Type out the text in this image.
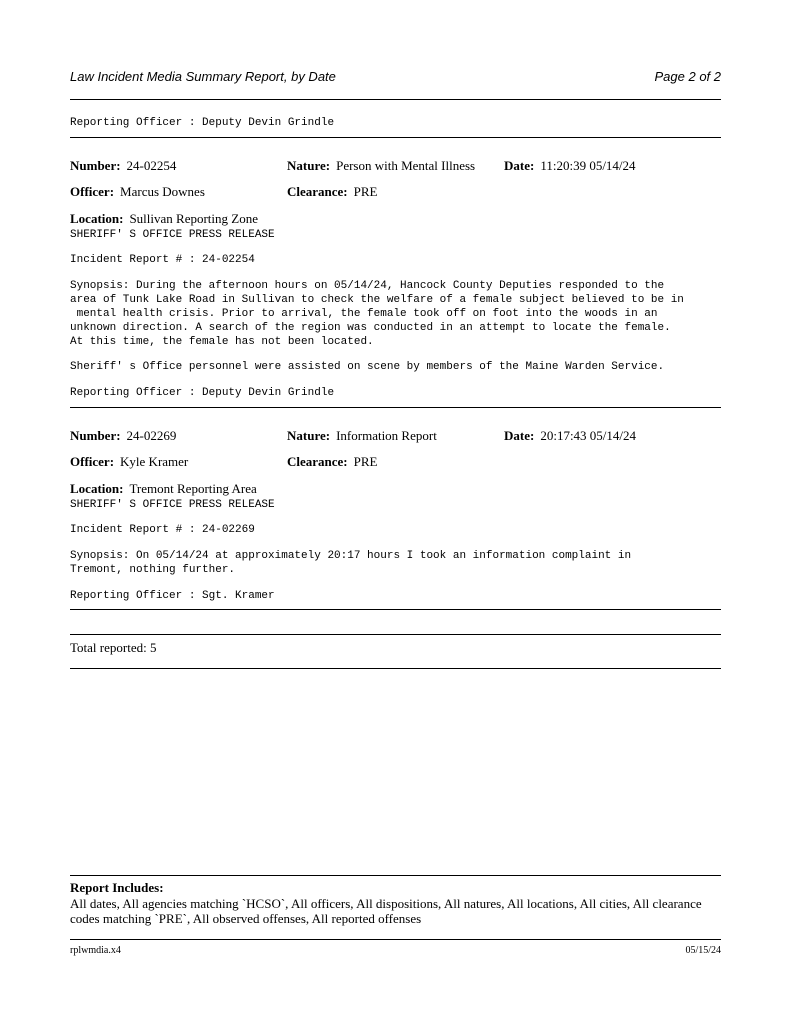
Law Incident Media Summary Report, by Date	Page 2 of 2
Reporting Officer : Deputy Devin Grindle
Number: 24-02254	Nature: Person with Mental Illness Date: 11:20:39 05/14/24
Officer: Marcus Downes	Clearance: PRE
Location: Sullivan Reporting Zone
SHERIFF' S OFFICE PRESS RELEASE
Incident Report # : 24-02254
Synopsis: During the afternoon hours on 05/14/24, Hancock County Deputies responded to the
area of Tunk Lake Road in Sullivan to check the welfare of a female subject believed to be in
mental health crisis. Prior to arrival, the female took off on foot into the woods in an
unknown direction. A search of the region was conducted in an attempt to locate the female.
At this time, the female has not been located.
Sheriff' s Office personnel were assisted on scene by members of the Maine Warden Service.
Reporting Officer : Deputy Devin Grindle
Number: 24-02269	Nature: Information Report	Date: 20:17:43 05/14/24
Officer: Kyle Kramer	Clearance: PRE
Location: Tremont Reporting Area
SHERIFF' S OFFICE PRESS RELEASE
Incident Report # : 24-02269
Synopsis: On 05/14/24 at approximately 20:17 hours I took an information complaint in
Tremont, nothing further.
Reporting Officer : Sgt. Kramer
Total reported: 5
Report Includes:
All dates, All agencies matching `HCSO`, All officers, All dispositions, All natures, All locations, All cities, All clearance codes matching `PRE`, All observed offenses, All reported offenses
rplwmdia.x4	05/15/24
